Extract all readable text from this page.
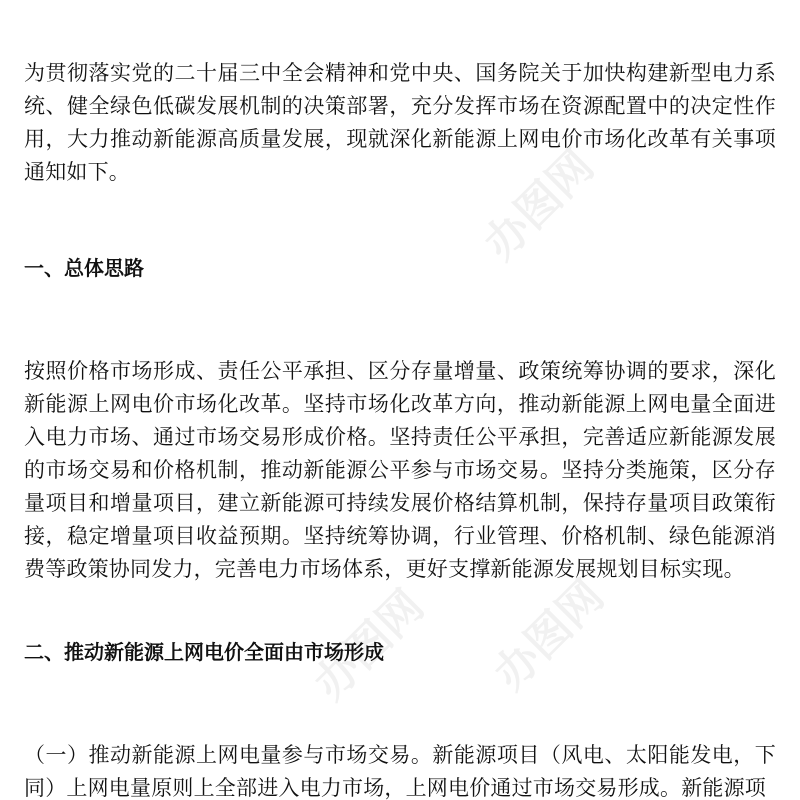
办图网
办图网 办图网

为贯彻落实党的二十届三中全会精神和党中央、国务院关于加快构建新型电力系统、健全绿色低碳发展机制的决策部署，充分发挥市场在资源配置中的决定性作用，大力推动新能源高质量发展，现就深化新能源上网电价市场化改革有关事项通知如下。

一、总体思路

按照价格市场形成、责任公平承担、区分存量增量、政策统筹协调的要求，深化新能源上网电价市场化改革。坚持市场化改革方向，推动新能源上网电量全面进入电力市场、通过市场交易形成价格。坚持责任公平承担，完善适应新能源发展的市场交易和价格机制，推动新能源公平参与市场交易。坚持分类施策，区分存量项目和增量项目，建立新能源可持续发展价格结算机制，保持存量项目政策衔接，稳定增量项目收益预期。坚持统筹协调，行业管理、价格机制、绿色能源消费等政策协同发力，完善电力市场体系，更好支撑新能源发展规划目标实现。

二、推动新能源上网电价全面由市场形成

（一）推动新能源上网电量参与市场交易。新能源项目（风电、太阳能发电，下同）上网电量原则上全部进入电力市场，上网电价通过市场交易形成。新能源项
